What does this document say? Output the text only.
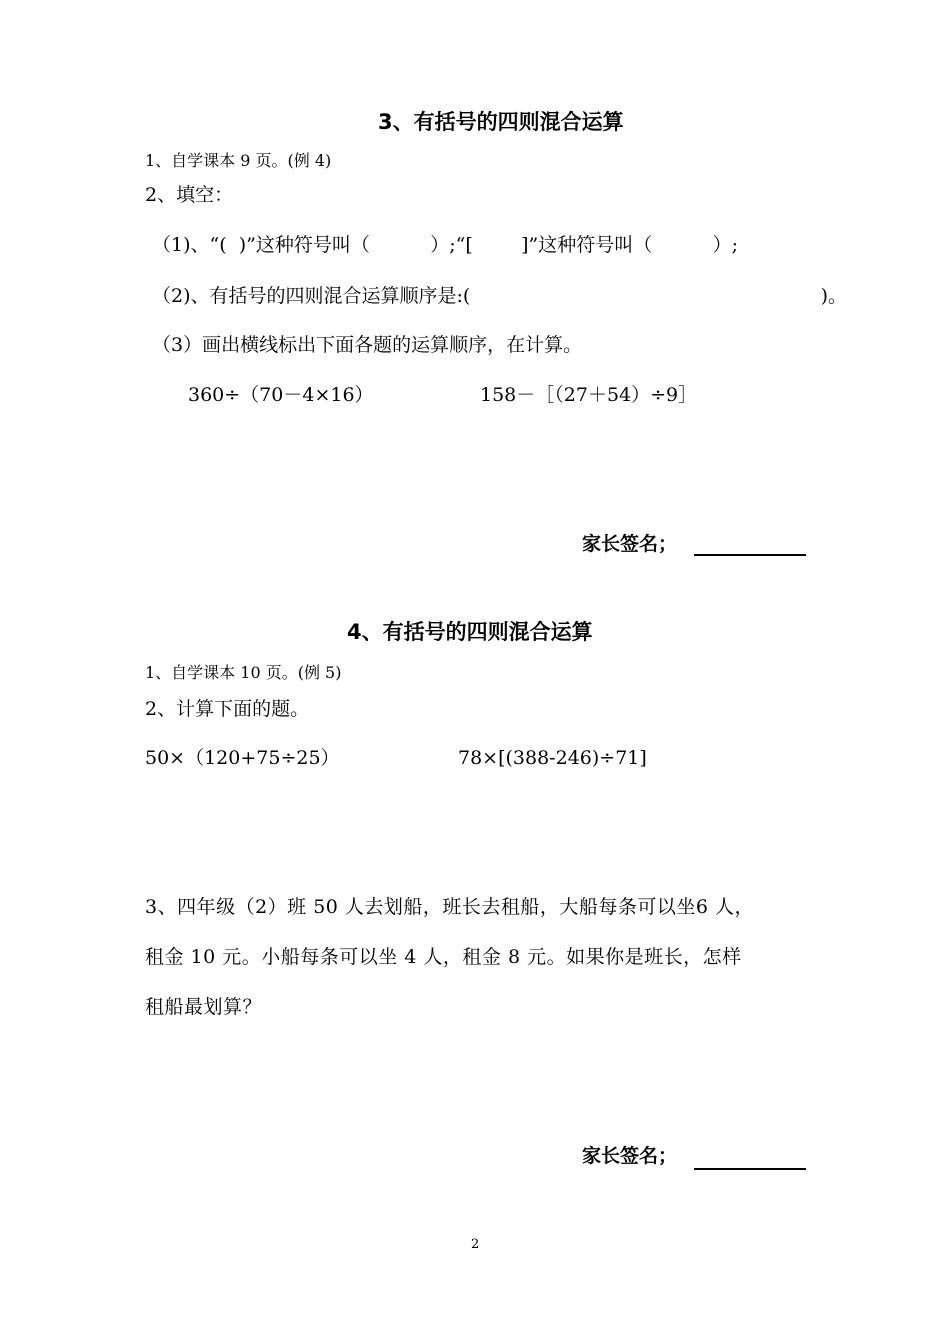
3、有括号的四则混合运算
1、自学课本 9 页。(例 4)
2、填空：
（1)、“(  )”这种符号叫（          ）;“[        ]”这种符号叫（          ）;
（2)、有括号的四则混合运算顺序是:(                                                          )。
（3）画出横线标出下面各题的运算顺序，在计算。
360÷（70－4×16）	158－［（27＋54）÷9］
家长签名；
4、有括号的四则混合运算
1、自学课本 10 页。(例 5)
2、计算下面的题。
50×（120+75÷25）	78×[(388-246)÷71]
3、四年级（2）班 50 人去划船，班长去租船，大船每条可以坐6 人，
租金 10 元。小船每条可以坐 4 人，租金 8 元。如果你是班长，怎样
租船最划算？
家长签名；
2
